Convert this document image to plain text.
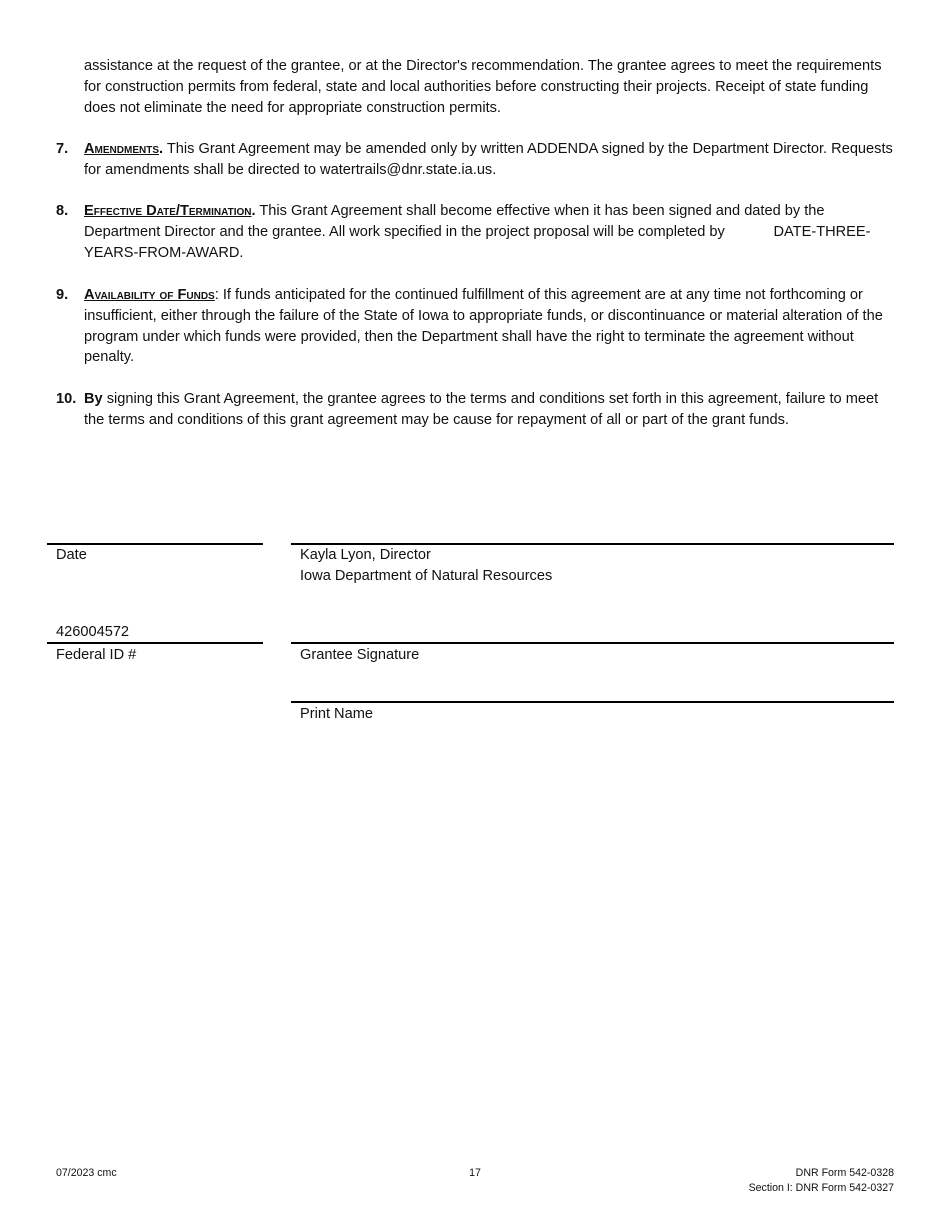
assistance at the request of the grantee, or at the Director's recommendation. The grantee agrees to meet the requirements for construction permits from federal, state and local authorities before constructing their projects. Receipt of state funding does not eliminate the need for appropriate construction permits.
7. Amendments. This Grant Agreement may be amended only by written ADDENDA signed by the Department Director. Requests for amendments shall be directed to watertrails@dnr.state.ia.us.
8. Effective Date/Termination. This Grant Agreement shall become effective when it has been signed and dated by the Department Director and the grantee. All work specified in the project proposal will be completed by            DATE-THREE-YEARS-FROM-AWARD.
9. Availability of Funds: If funds anticipated for the continued fulfillment of this agreement are at any time not forthcoming or insufficient, either through the failure of the State of Iowa to appropriate funds, or discontinuance or material alteration of the program under which funds were provided, then the Department shall have the right to terminate the agreement without penalty.
10. By signing this Grant Agreement, the grantee agrees to the terms and conditions set forth in this agreement, failure to meet the terms and conditions of this grant agreement may be cause for repayment of all or part of the grant funds.
Date	Kayla Lyon, Director
Iowa Department of Natural Resources
426004572
Federal ID #	Grantee Signature
Print Name
07/2023 cmc	17	DNR Form 542-0328
Section I: DNR Form 542-0327
